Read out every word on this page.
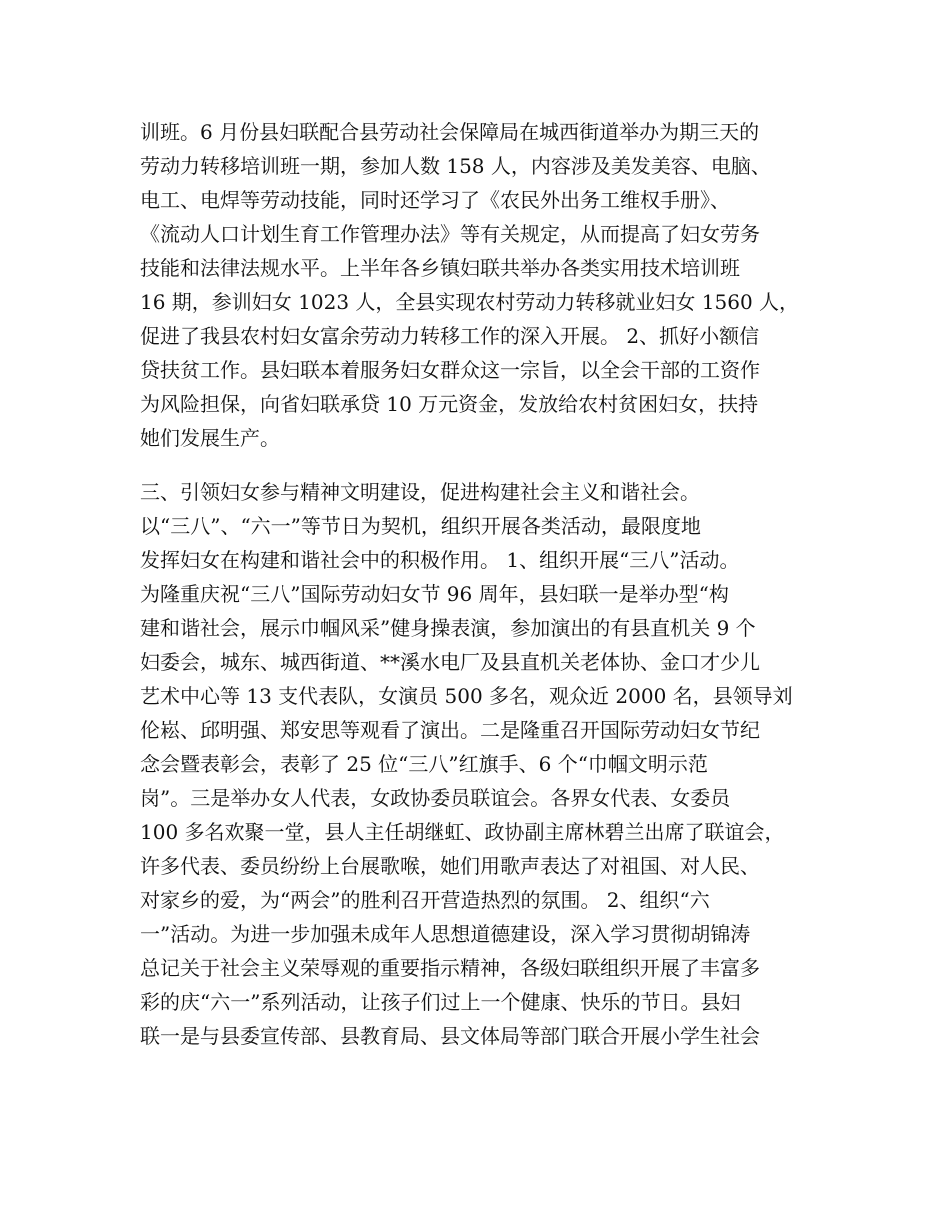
训班。6 月份县妇联配合县劳动社会保障局在城西街道举办为期三天的
劳动力转移培训班一期，参加人数 158 人，内容涉及美发美容、电脑、
电工、电焊等劳动技能，同时还学习了《农民外出务工维权手册》、
《流动人口计划生育工作管理办法》等有关规定，从而提高了妇女劳务
技能和法律法规水平。上半年各乡镇妇联共举办各类实用技术培训班
16 期，参训妇女 1023 人，全县实现农村劳动力转移就业妇女 1560 人，
促进了我县农村妇女富余劳动力转移工作的深入开展。 2、抓好小额信
贷扶贫工作。县妇联本着服务妇女群众这一宗旨，以全会干部的工资作
为风险担保，向省妇联承贷 10 万元资金，发放给农村贫困妇女，扶持
她们发展生产。
三、引领妇女参与精神文明建设，促进构建社会主义和谐社会。
以“三八”、“六一”等节日为契机，组织开展各类活动，最限度地
发挥妇女在构建和谐社会中的积极作用。 1、组织开展“三八”活动。
为隆重庆祝“三八”国际劳动妇女节 96 周年，县妇联一是举办型“构
建和谐社会，展示巾帼风采”健身操表演，参加演出的有县直机关 9 个
妇委会，城东、城西街道、**溪水电厂及县直机关老体协、金口才少儿
艺术中心等 13 支代表队，女演员 500 多名，观众近 2000 名，县领导刘
伦崧、邱明强、郑安思等观看了演出。二是隆重召开国际劳动妇女节纪
念会暨表彰会，表彰了 25 位“三八”红旗手、6 个“巾帼文明示范
岗”。三是举办女人代表，女政协委员联谊会。各界女代表、女委员
100 多名欢聚一堂，县人主任胡继虹、政协副主席林碧兰出席了联谊会，
许多代表、委员纷纷上台展歌喉，她们用歌声表达了对祖国、对人民、
对家乡的爱，为“两会”的胜利召开营造热烈的氛围。 2、组织“六
一”活动。为进一步加强未成年人思想道德建设，深入学习贯彻胡锦涛
总记关于社会主义荣辱观的重要指示精神，各级妇联组织开展了丰富多
彩的庆“六一”系列活动，让孩子们过上一个健康、快乐的节日。县妇
联一是与县委宣传部、县教育局、县文体局等部门联合开展小学生社会
